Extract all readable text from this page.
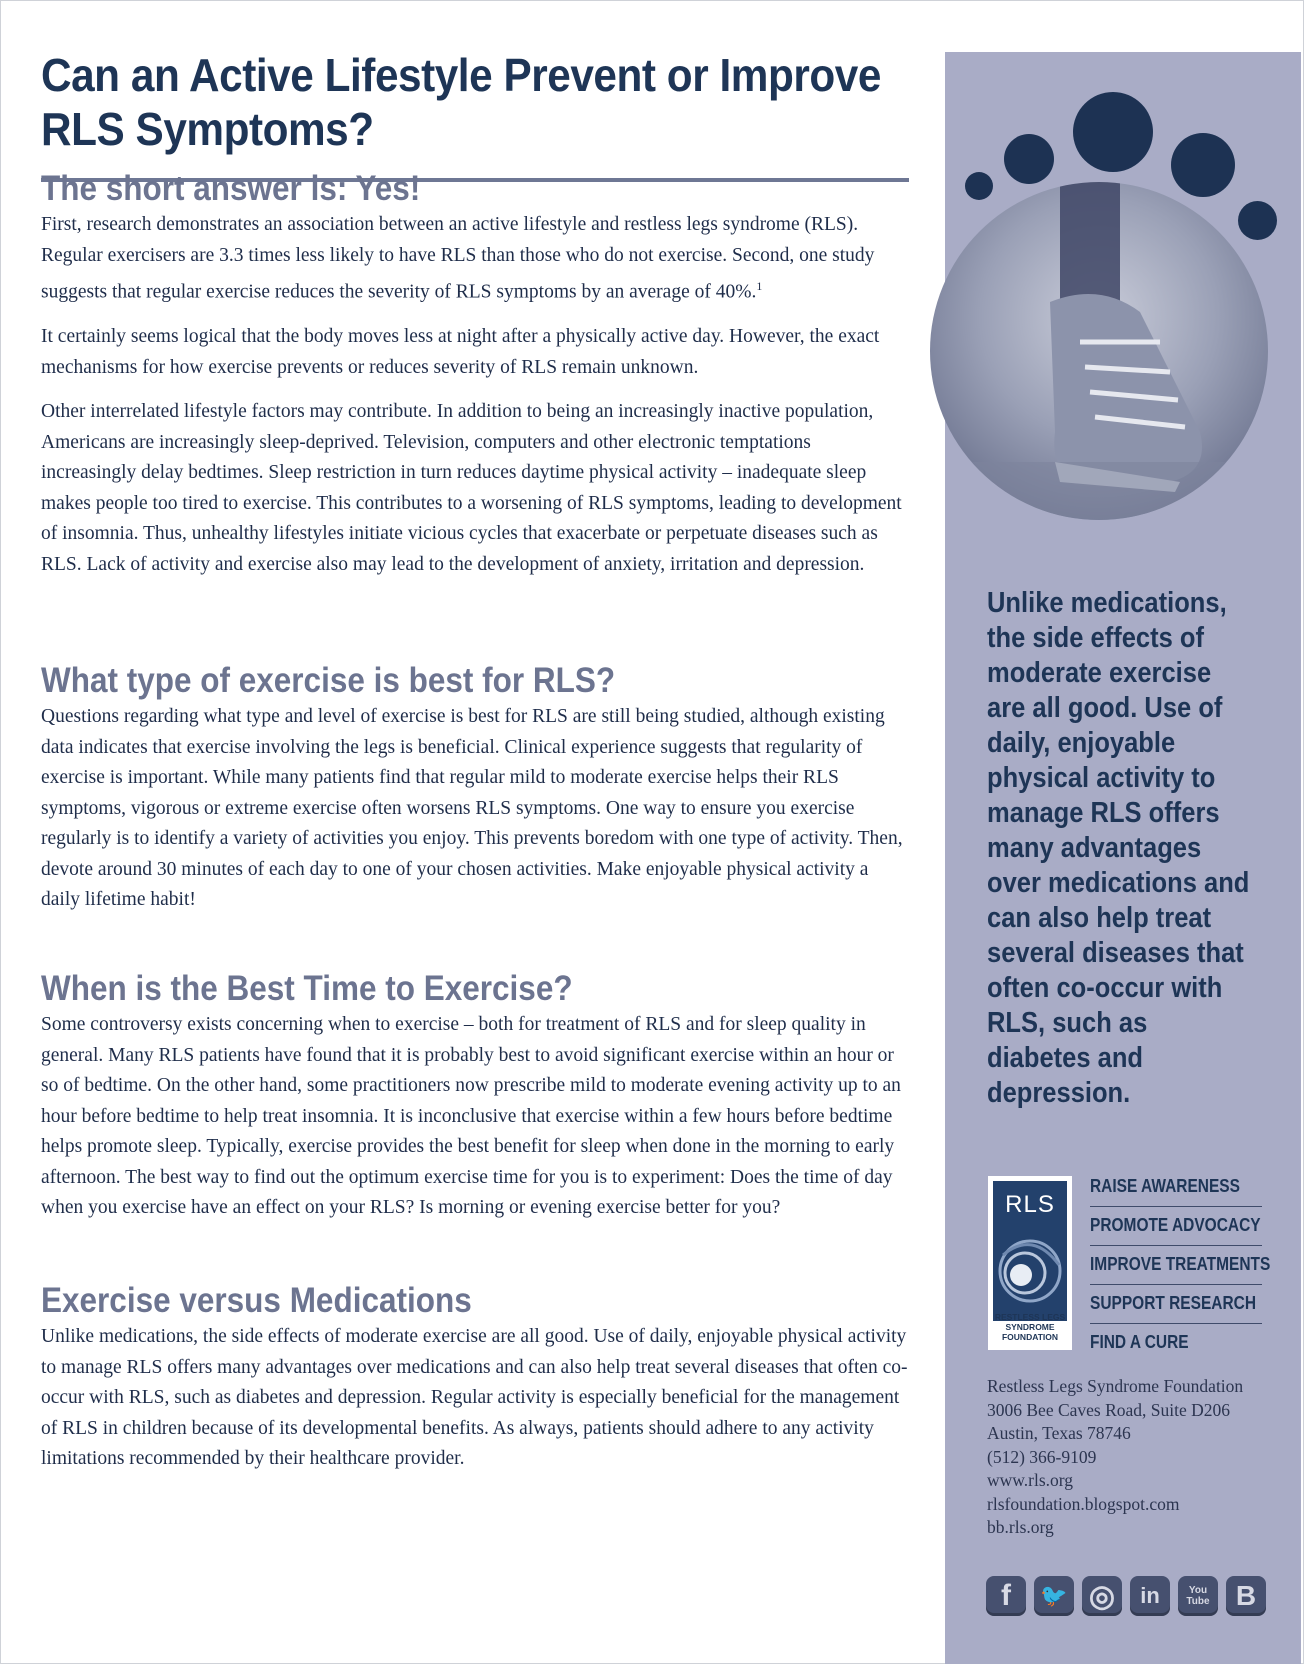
Can an Active Lifestyle Prevent or Improve RLS Symptoms?
The short answer is: Yes!

First, research demonstrates an association between an active lifestyle and restless legs syndrome (RLS). Regular exercisers are 3.3 times less likely to have RLS than those who do not exercise. Second, one study suggests that regular exercise reduces the severity of RLS symptoms by an average of 40%.$^1$

It certainly seems logical that the body moves less at night after a physically active day. However, the exact mechanisms for how exercise prevents or reduces severity of RLS remain unknown.

Other interrelated lifestyle factors may contribute. In addition to being an increasingly inactive population, Americans are increasingly sleep-deprived. Television, computers and other electronic temptations increasingly delay bedtimes. Sleep restriction in turn reduces daytime physical activity – inadequate sleep makes people too tired to exercise. This contributes to a worsening of RLS symptoms, leading to development of insomnia. Thus, unhealthy lifestyles initiate vicious cycles that exacerbate or perpetuate diseases such as RLS. Lack of activity and exercise also may lead to the development of anxiety, irritation and depression.

What type of exercise is best for RLS?

Questions regarding what type and level of exercise is best for RLS are still being studied, although existing data indicates that exercise involving the legs is beneficial. Clinical experience suggests that regularity of exercise is important. While many patients find that regular mild to moderate exercise helps their RLS symptoms, vigorous or extreme exercise often worsens RLS symptoms. One way to ensure you exercise regularly is to identify a variety of activities you enjoy. This prevents boredom with one type of activity. Then, devote around 30 minutes of each day to one of your chosen activities. Make enjoyable physical activity a daily lifetime habit!

When is the Best Time to Exercise?

Some controversy exists concerning when to exercise – both for treatment of RLS and for sleep quality in general. Many RLS patients have found that it is probably best to avoid significant exercise within an hour or so of bedtime. On the other hand, some practitioners now prescribe mild to moderate evening activity up to an hour before bedtime to help treat insomnia. It is inconclusive that exercise within a few hours before bedtime helps promote sleep. Typically, exercise provides the best benefit for sleep when done in the morning to early afternoon. The best way to find out the optimum exercise time for you is to experiment: Does the time of day when you exercise have an effect on your RLS? Is morning or evening exercise better for you?

Exercise versus Medications

Unlike medications, the side effects of moderate exercise are all good. Use of daily, enjoyable physical activity to manage RLS offers many advantages over medications and can also help treat several diseases that often co-occur with RLS, such as diabetes and depression. Regular activity is especially beneficial for the management of RLS in children because of its developmental benefits. As always, patients should adhere to any activity limitations recommended by their healthcare provider.

Unlike medications, the side effects of moderate exercise are all good. Use of daily, enjoyable physical activity to manage RLS offers many advantages over medications and can also help treat several diseases that often co-occur with RLS, such as diabetes and depression.
RLS
RESTLESS LEGS
SYNDROME
FOUNDATION
RAISE AWARENESS
PROMOTE ADVOCACY
IMPROVE TREATMENTS
SUPPORT RESEARCH
FIND A CURE
Restless Legs Syndrome Foundation
3006 Bee Caves Road, Suite D206
Austin, Texas 78746
(512) 366-9109
www.rls.org
rlsfoundation.blogspot.com
bb.rls.org
f	🐦 ◎	in	You Tube B
